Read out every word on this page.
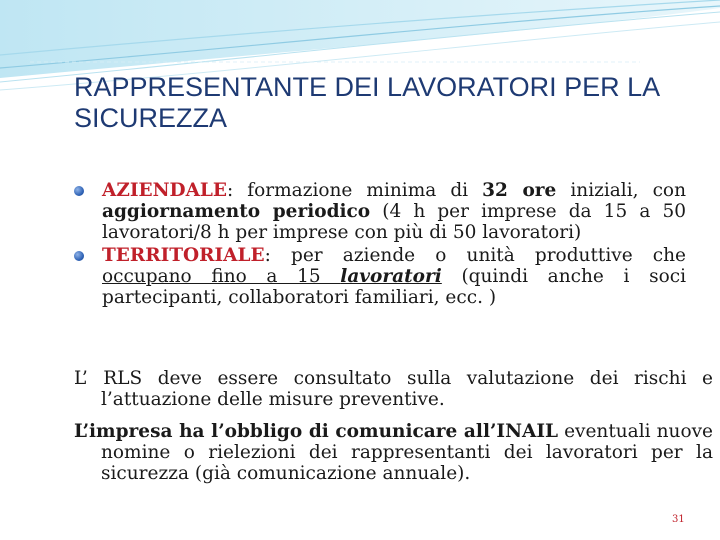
RAPPRESENTANTE DEI LAVORATORI PER LA SICUREZZA
AZIENDALE: formazione minima di 32 ore iniziali, con aggiornamento periodico (4 h per imprese da 15 a 50 lavoratori/8 h per imprese con più di 50 lavoratori)
TERRITORIALE: per aziende o unità produttive che occupano fino a 15 lavoratori (quindi anche i soci partecipanti, collaboratori familiari, ecc. )

L’ RLS deve essere consultato sulla valutazione dei rischi e l’attuazione delle misure preventive.

L’impresa ha l’obbligo di comunicare all’INAIL eventuali nuove nomine o rielezioni dei rappresentanti dei lavoratori per la sicurezza (già comunicazione annuale).

31
